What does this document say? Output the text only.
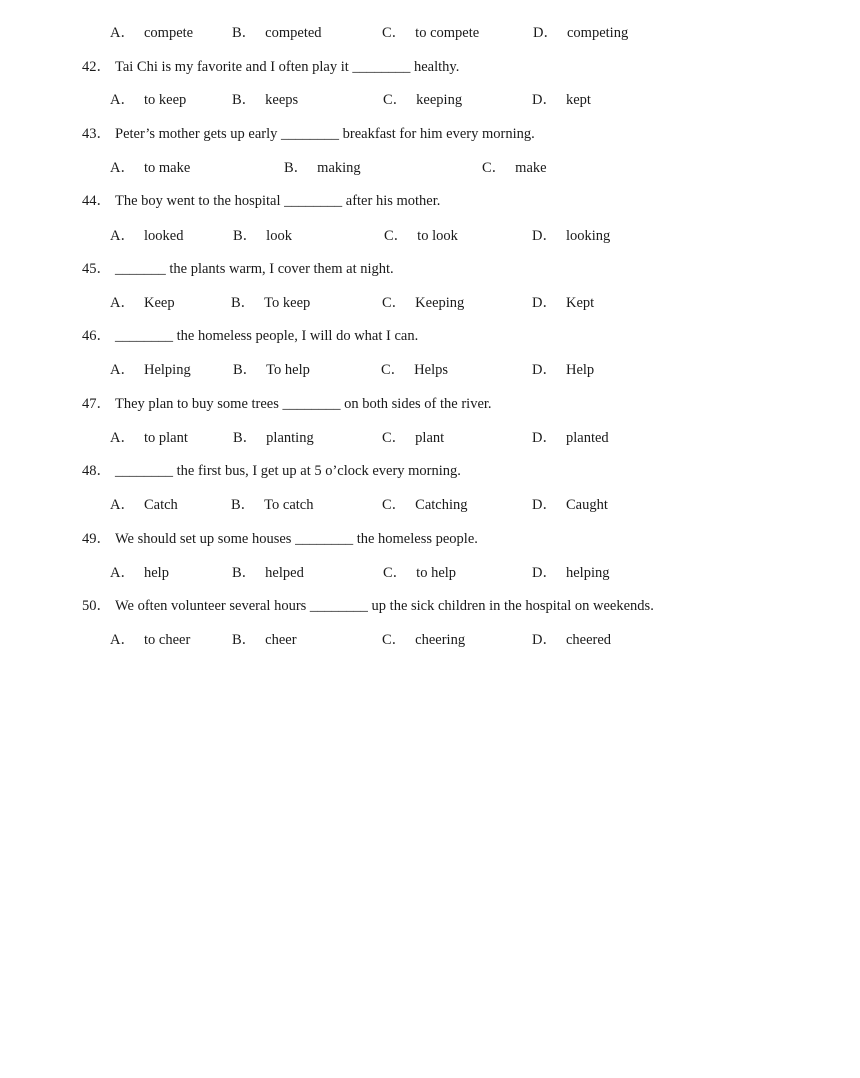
A． compete	B． competed	C． to compete	D． competing
42． Tai Chi is my favorite and I often play it ________ healthy.
A． to keep	B． keeps	C． keeping	D． kept
43． Peter’s mother gets up early ________ breakfast for him every morning.
A． to make	B． making	C． make
44． The boy went to the hospital ________ after his mother.
A． looked	B． look	C． to look	D． looking
45． _______ the plants warm, I cover them at night.
A． Keep	B． To keep	C． Keeping	D． Kept
46． ________ the homeless people, I will do what I can.
A． Helping	B． To help	C． Helps	D． Help
47． They plan to buy some trees ________ on both sides of the river.
A． to plant	B． planting	C． plant	D． planted
48． ________ the first bus, I get up at 5 o’clock every morning.
A． Catch	B． To catch	C． Catching	D． Caught
49． We should set up some houses ________ the homeless people.
A． help	B． helped	C． to help	D． helping
50． We often volunteer several hours ________ up the sick children in the hospital on weekends.
A． to cheer	B． cheer	C． cheering	D． cheered
